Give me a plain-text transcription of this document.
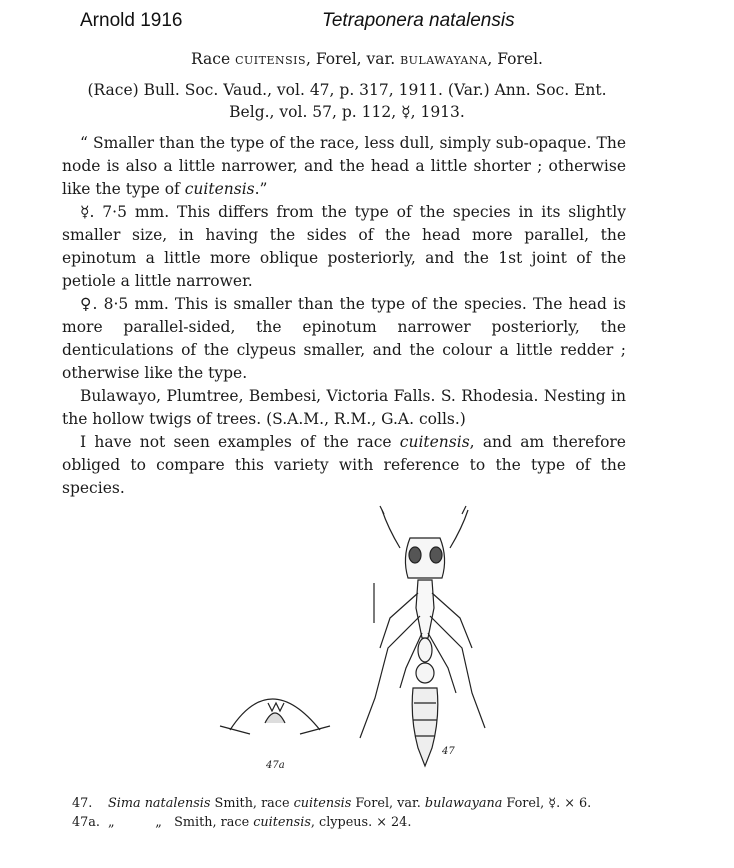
Arnold 1916	Tetraponera natalensis
Race cuitensis, Forel, var. bulawayana, Forel.
(Race) Bull. Soc. Vaud., vol. 47, p. 317, 1911. (Var.) Ann. Soc. Ent.
Belg., vol. 57, p. 112, ☿, 1913.

“ Smaller than the type of the race, less dull, simply sub-opaque. The node is also a little narrower, and the head a little shorter ; otherwise like the type of cuitensis.”

☿. 7·5 mm. This differs from the type of the species in its slightly smaller size, in having the sides of the head more parallel, the epinotum a little more oblique posteriorly, and the 1st joint of the petiole a little narrower.

♀. 8·5 mm. This is smaller than the type of the species. The head is more parallel-sided, the epinotum narrower posteriorly, the denticulations of the clypeus smaller, and the colour a little redder ; otherwise like the type.

Bulawayo, Plumtree, Bembesi, Victoria Falls. S. Rhodesia. Nesting in the hollow twigs of trees. (S.A.M., R.M., G.A. colls.)

I have not seen examples of the race cuitensis, and am therefore obliged to compare this variety with reference to the type of the species.

47
47a
47. Sima natalensis Smith, race cuitensis Forel, var. bulawayana Forel, ☿. × 6.
47a. „          „   Smith, race cuitensis, clypeus. × 24.
